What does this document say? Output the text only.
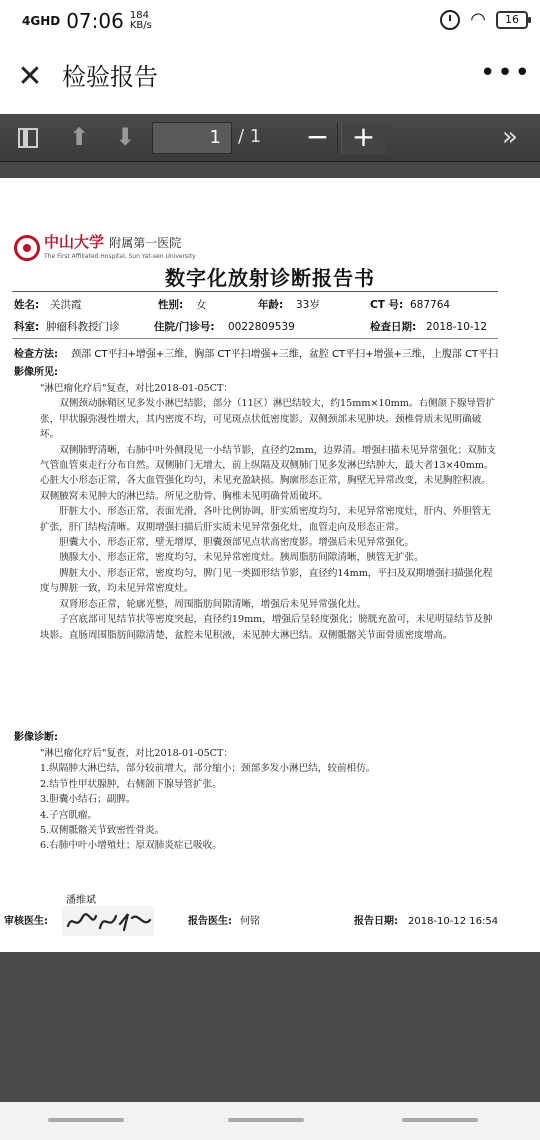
4GHD 07:06 184
KB/s	◠	16
✕ 检验报告	•••
⬆ ⬇	1 / 1 − +	»
中山大学 附属第一医院
The First Affiliated Hospital, Sun Yat-sen University
数字化放射诊断报告书
姓名: 关洪霞	性别: 女	年龄: 33岁	CT 号: 687764
科室: 肿瘤科教授门诊	住院/门诊号: 0022809539	检查日期: 2018-10-12
检查方法: 颈部 CT平扫+增强+三维，胸部 CT平扫增强+三维，盆腔 CT平扫+增强+三维，上腹部 CT平扫
影像所见:

"淋巴瘤化疗后"复查，对比2018-01-05CT：

双侧颈动脉鞘区见多发小淋巴结影，部分（11区）淋巴结较大，约15mm×10mm。右侧颌下腺导管扩张，甲状腺弥漫性增大，其内密度不均，可见斑点状低密度影。双侧颈部未见肿块。颈椎骨质未见明确破坏。

双侧肺野清晰，右肺中叶外侧段见一小结节影，直径约2mm，边界清。增强扫描未见异常强化；双肺支气管血管束走行分布自然。双侧肺门无增大，前上纵隔及双侧肺门见多发淋巴结肿大，最大者13×40mm。心脏大小形态正常，各大血管强化均匀，未见充盈缺损。胸廓形态正常，胸壁无异常改变，未见胸腔积液。双侧腋窝未见肿大的淋巴结。所见之肋骨、胸椎未见明确骨质破坏。

肝脏大小、形态正常，表面光滑，各叶比例协调，肝实质密度均匀，未见异常密度灶，肝内、外胆管无扩张，肝门结构清晰。双期增强扫描后肝实质未见异常强化灶，血管走向及形态正常。

胆囊大小、形态正常，壁无增厚，胆囊颈部见点状高密度影。增强后未见异常强化。

胰腺大小、形态正常，密度均匀，未见异常密度灶。胰周脂肪间隙清晰，胰管无扩张。

脾脏大小、形态正常，密度均匀，脾门见一类圆形结节影，直径约14mm，平扫及双期增强扫描强化程度与脾脏一致，均未见异常密度灶。

双肾形态正常，轮廓光整，周围脂肪间隙清晰，增强后未见异常强化灶。

子宫底部可见结节状等密度突起，直径约19mm，增强后呈轻度强化；膀胱充盈可，未见明显结节及肿块影。直肠周围脂肪间隙清楚，盆腔未见积液，未见肿大淋巴结。双侧骶髂关节面骨质密度增高。

影像诊断:
"淋巴瘤化疗后"复查，对比2018-01-05CT：
1.纵隔肿大淋巴结，部分较前增大，部分缩小；颈部多发小淋巴结，较前相仿。
2.结节性甲状腺肿，右侧颌下腺导管扩张。
3.胆囊小结石；副脾。
4.子宫肌瘤。
5.双侧骶髂关节致密性骨炎。
6.右肺中叶小增殖灶；原双肺炎症已吸收。
潘维斌
审核医生:	报告医生: 何铭	报告日期: 2018-10-12 16:54
